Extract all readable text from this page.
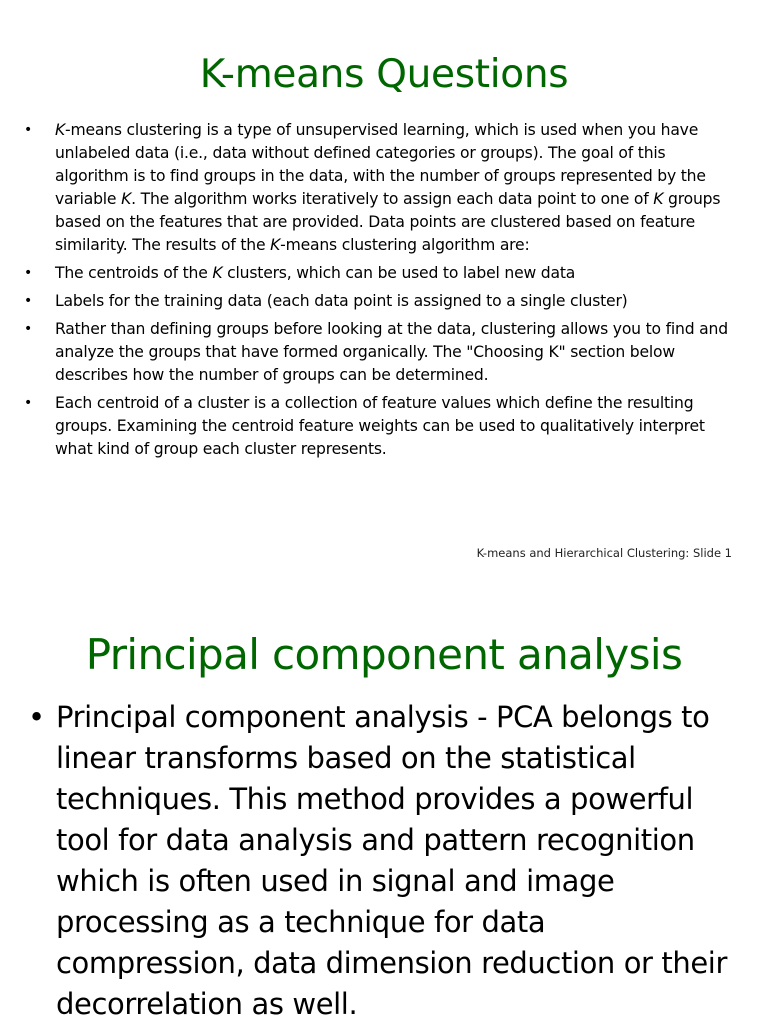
K-means Questions
• K-means clustering is a type of unsupervised learning, which is used when you have unlabeled data (i.e., data without defined categories or groups). The goal of this algorithm is to find groups in the data, with the number of groups represented by the variable K. The algorithm works iteratively to assign each data point to one of K groups based on the features that are provided. Data points are clustered based on feature similarity. The results of the K-means clustering algorithm are:
• The centroids of the K clusters, which can be used to label new data
• Labels for the training data (each data point is assigned to a single cluster)
• Rather than defining groups before looking at the data, clustering allows you to find and analyze the groups that have formed organically. The "Choosing K" section below describes how the number of groups can be determined.
• Each centroid of a cluster is a collection of feature values which define the resulting groups. Examining the centroid feature weights can be used to qualitatively interpret what kind of group each cluster represents.
K-means and Hierarchical Clustering: Slide 1
Principal component analysis
• Principal component analysis - PCA belongs to linear transforms based on the statistical techniques. This method provides a powerful tool for data analysis and pattern recognition which is often used in signal and image processing as a technique for data compression, data dimension reduction or their decorrelation as well.
